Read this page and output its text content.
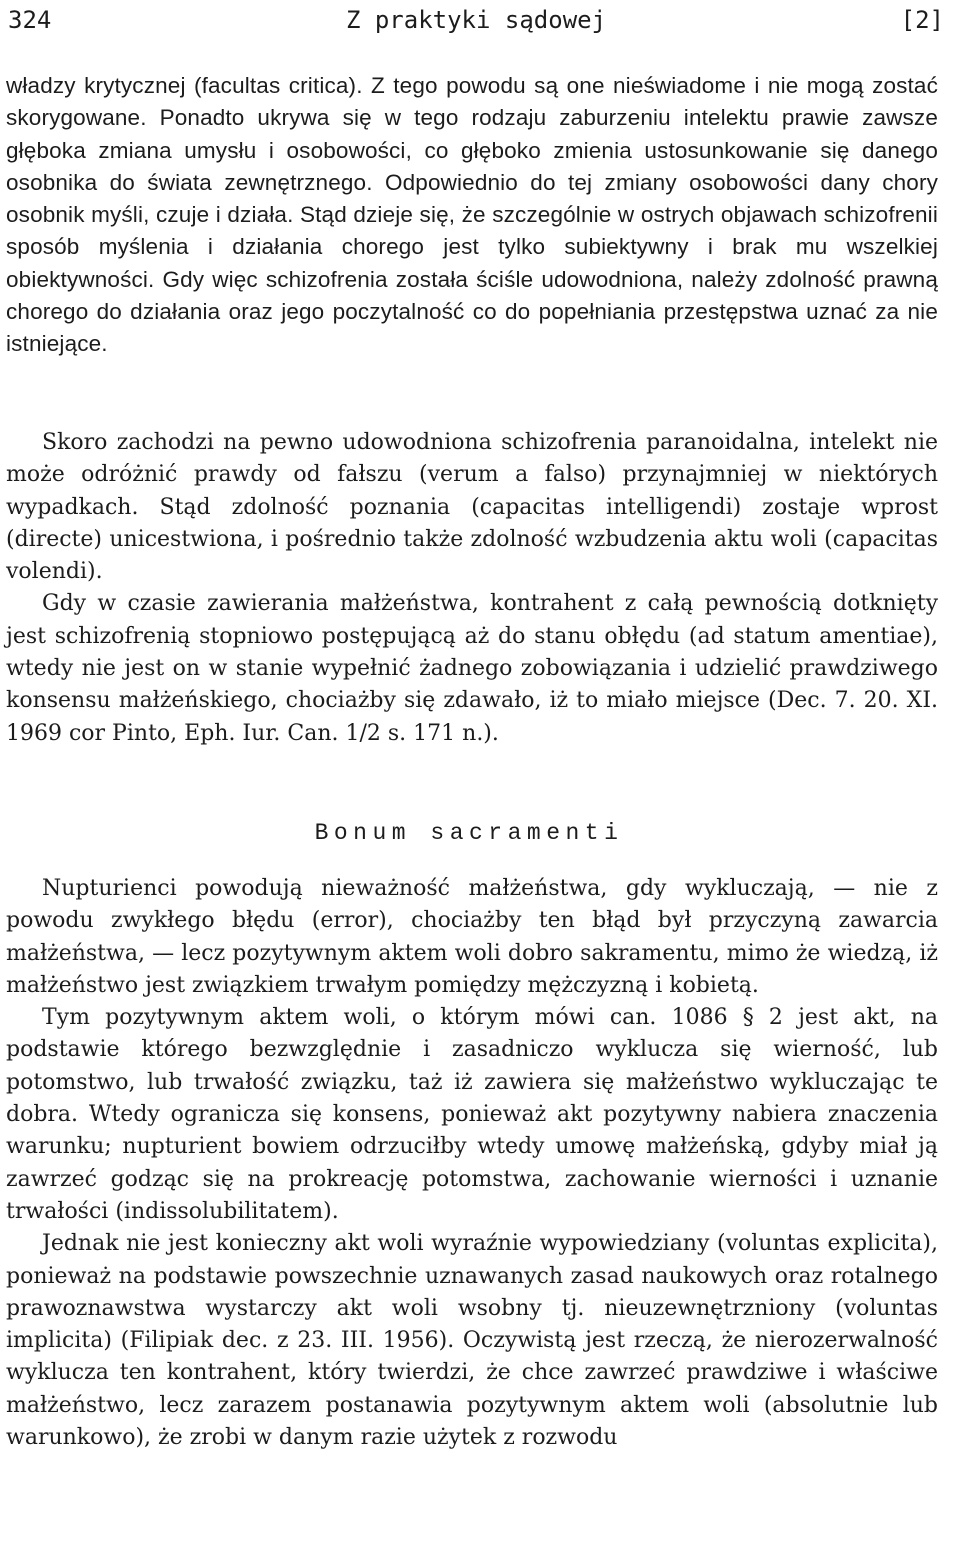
324	Z praktyki sądowej	[2]

władzy krytycznej (facultas critica). Z tego powodu są one nieświadome i nie mogą zostać skorygowane. Ponadto ukrywa się w tego rodzaju zaburzeniu intelektu prawie zawsze głęboka zmiana umysłu i osobowości, co głęboko zmienia ustosunkowanie się danego osobnika do świata zewnętrznego. Odpowiednio do tej zmiany osobowości dany chory osobnik myśli, czuje i działa. Stąd dzieje się, że szczególnie w ostrych objawach schizofrenii sposób myślenia i działania chorego jest tylko subiektywny i brak mu wszelkiej obiektywności. Gdy więc schizofrenia została ściśle udowodniona, należy zdolność prawną chorego do działania oraz jego poczytalność co do popełniania przestępstwa uznać za nie istniejące.

Skoro zachodzi na pewno udowodniona schizofrenia paranoidalna, intelekt nie może odróżnić prawdy od fałszu (verum a falso) przynajmniej w niektórych wypadkach. Stąd zdolność poznania (capacitas intelligendi) zostaje wprost (directe) unicestwiona, i pośrednio także zdolność wzbudzenia aktu woli (capacitas volendi).

Gdy w czasie zawierania małżeństwa, kontrahent z całą pewnością dotknięty jest schizofrenią stopniowo postępującą aż do stanu obłędu (ad statum amentiae), wtedy nie jest on w stanie wypełnić żadnego zobowiązania i udzielić prawdziwego konsensu małżeńskiego, chociażby się zdawało, iż to miało miejsce (Dec. 7. 20. XI. 1969 cor Pinto, Eph. Iur. Can. 1/2 s. 171 n.).

Bonum sacramenti

Nupturienci powodują nieważność małżeństwa, gdy wykluczają, — nie z powodu zwykłego błędu (error), chociażby ten błąd był przyczyną zawarcia małżeństwa, — lecz pozytywnym aktem woli dobro sakramentu, mimo że wiedzą, iż małżeństwo jest związkiem trwałym pomiędzy mężczyzną i kobietą.

Tym pozytywnym aktem woli, o którym mówi can. 1086 § 2 jest akt, na podstawie którego bezwzględnie i zasadniczo wyklucza się wierność, lub potomstwo, lub trwałość związku, taż iż zawiera się małżeństwo wykluczając te dobra. Wtedy ogranicza się konsens, ponieważ akt pozytywny nabiera znaczenia warunku; nupturient bowiem odrzuciłby wtedy umowę małżeńską, gdyby miał ją zawrzeć godząc się na prokreację potomstwa, zachowanie wierności i uznanie trwałości (indissolubilitatem).

Jednak nie jest konieczny akt woli wyraźnie wypowiedziany (voluntas explicita), ponieważ na podstawie powszechnie uznawanych zasad naukowych oraz rotalnego prawoznawstwa wystarczy akt woli wsobny tj. nieuzewnętrzniony (voluntas implicita) (Filipiak dec. z 23. III. 1956). Oczywistą jest rzeczą, że nierozerwalność wyklucza ten kontrahent, który twierdzi, że chce zawrzeć prawdziwe i właściwe małżeństwo, lecz zarazem postanawia pozytywnym aktem woli (absolutnie lub warunkowo), że zrobi w danym razie użytek z rozwodu
